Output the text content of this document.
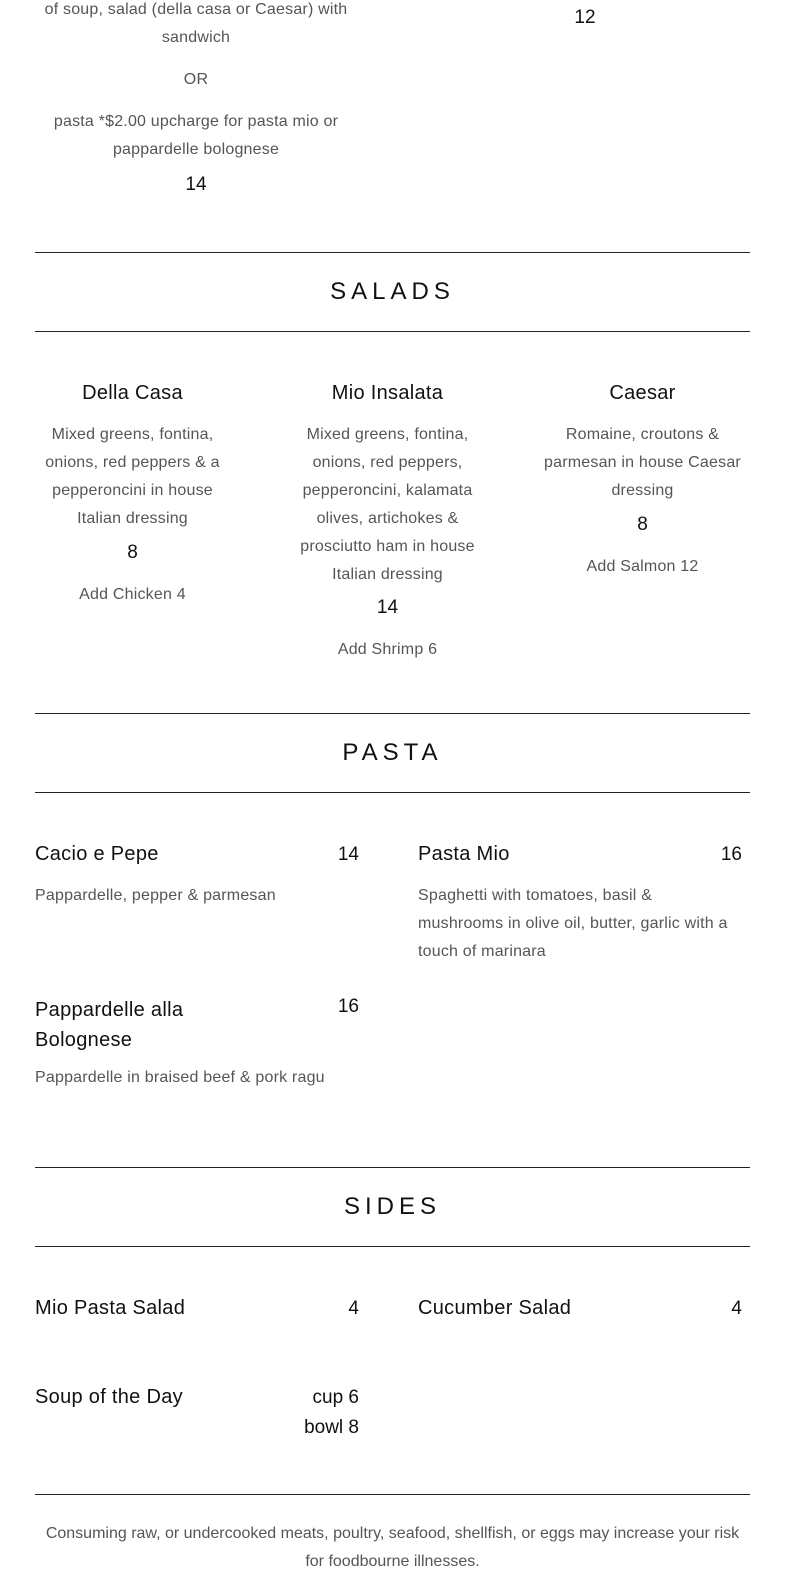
of soup, salad (della casa or Caesar) with sandwich
OR
pasta *$2.00 upcharge for pasta mio or pappardelle bolognese
14
12
SALADS
Della Casa
Mixed greens, fontina, onions, red peppers & a pepperoncini in house Italian dressing
8
Add Chicken 4
Mio Insalata
Mixed greens, fontina, onions, red peppers, pepperoncini, kalamata olives, artichokes & prosciutto ham in house Italian dressing
14
Add Shrimp 6
Caesar
Romaine, croutons & parmesan in house Caesar dressing
8
Add Salmon 12
PASTA
Cacio e Pepe	14
Pappardelle, pepper & parmesan
Pasta Mio	16
Spaghetti with tomatoes, basil & mushrooms in olive oil, butter, garlic with a touch of marinara
Pappardelle alla Bolognese
16
Pappardelle in braised beef & pork ragu
SIDES
Mio Pasta Salad	4	Cucumber Salad	4
Soup of the Day	cup 6
bowl 8
Consuming raw, or undercooked meats, poultry, seafood, shellfish, or eggs may increase your risk for foodbourne illnesses.
